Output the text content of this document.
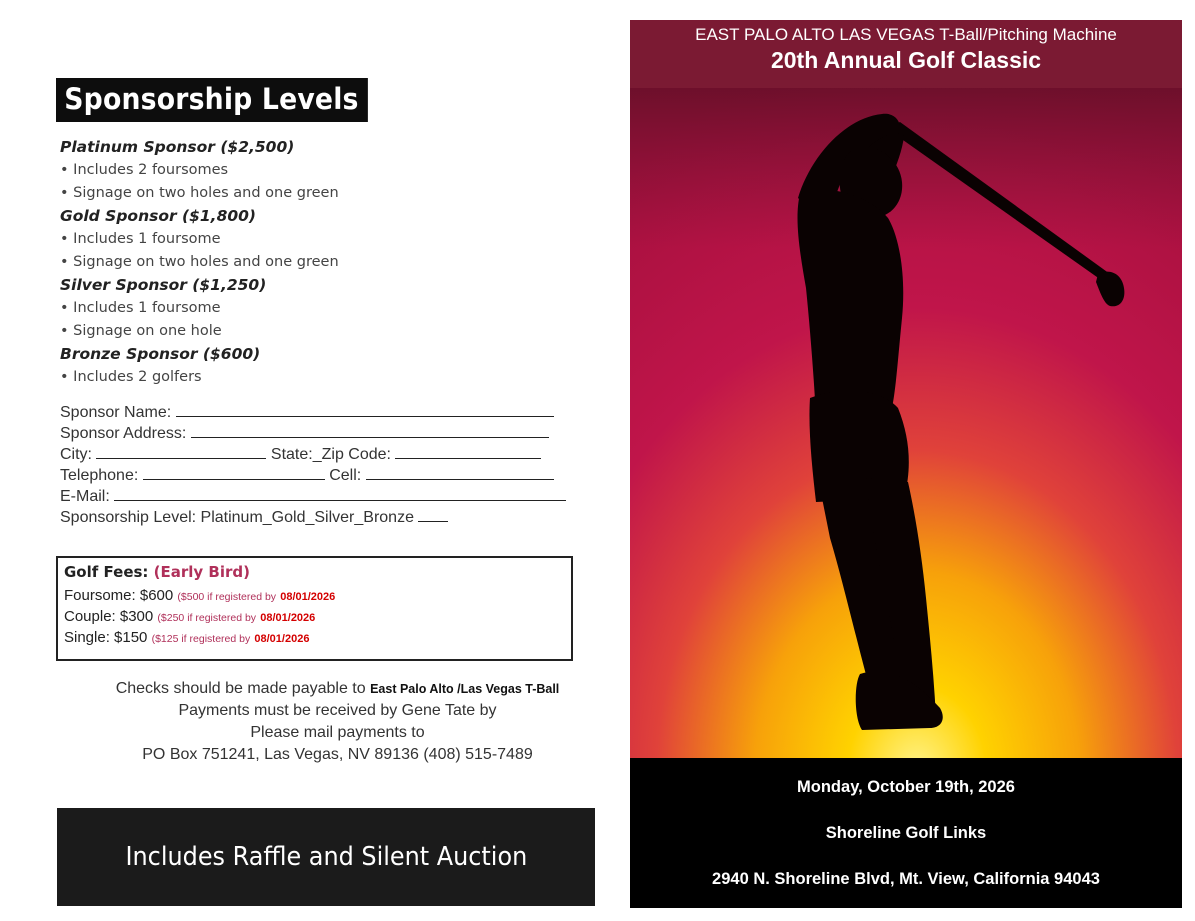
Sponsorship Levels
Platinum Sponsor ($2,500)
• Includes 2 foursomes
• Signage on two holes and one green
Gold Sponsor ($1,800)
• Includes 1 foursome
• Signage on two holes and one green
Silver Sponsor ($1,250)
• Includes 1 foursome
• Signage on one hole
Bronze Sponsor ($600)
• Includes 2 golfers
Sponsor Name:
Sponsor Address:
City:	State:_Zip Code:
Telephone:	Cell:
E-Mail:
Sponsorship Level: Platinum_Gold_Silver_Bronze
Golf Fees: (Early Bird)
Foursome: $600 ($500 if registered by 08/01/2026
Couple: $300 ($250 if registered by 08/01/2026
Single: $150 ($125 if registered by 08/01/2026
Checks should be made payable to East Palo Alto /Las Vegas T-Ball
Payments must be received by Gene Tate by
Please mail payments to
PO Box 751241, Las Vegas, NV 89136 (408) 515-7489
Includes Raffle and Silent Auction
EAST PALO ALTO LAS VEGAS T-Ball/Pitching Machine
20th Annual Golf Classic
Monday, October 19th, 2026
Shoreline Golf Links
2940 N. Shoreline Blvd, Mt. View, California 94043
